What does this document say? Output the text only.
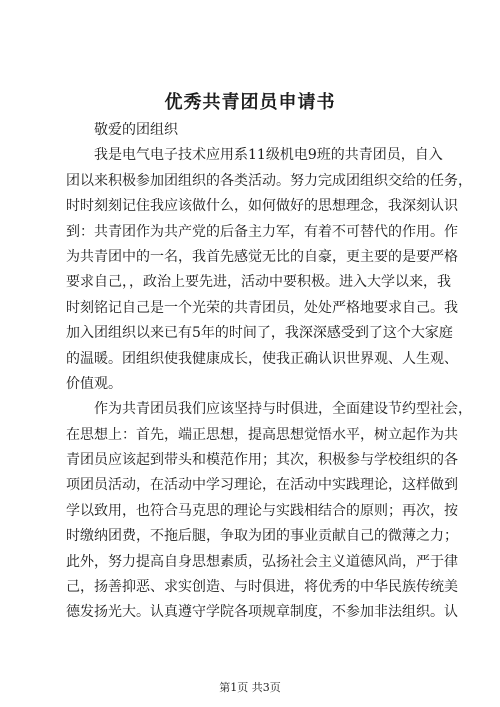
优秀共青团员申请书
敬爱的团组织
我是电气电子技术应用系11级机电9班的共青团员，自入
团以来积极参加团组织的各类活动。努力完成团组织交给的任务，
时时刻刻记住我应该做什么，如何做好的思想理念，我深刻认识
到：共青团作为共产党的后备主力军，有着不可替代的作用。作
为共青团中的一名，我首先感觉无比的自豪，更主要的是要严格
要求自己，，政治上要先进，活动中要积极。进入大学以来，我
时刻铭记自己是一个光荣的共青团员，处处严格地要求自己。我
加入团组织以来已有5年的时间了，我深深感受到了这个大家庭
的温暖。团组织使我健康成长，使我正确认识世界观、人生观、
价值观。
作为共青团员我们应该坚持与时俱进，全面建设节约型社会，
在思想上：首先，端正思想，提高思想觉悟水平，树立起作为共
青团员应该起到带头和模范作用；其次，积极参与学校组织的各
项团员活动，在活动中学习理论，在活动中实践理论，这样做到
学以致用，也符合马克思的理论与实践相结合的原则；再次，按
时缴纳团费，不拖后腿，争取为团的事业贡献自己的微薄之力；
此外，努力提高自身思想素质，弘扬社会主义道德风尚，严于律
己，扬善抑恶、求实创造、与时俱进，将优秀的中华民族传统美
德发扬光大。认真遵守学院各项规章制度，不参加非法组织。认
第1页 共3页
